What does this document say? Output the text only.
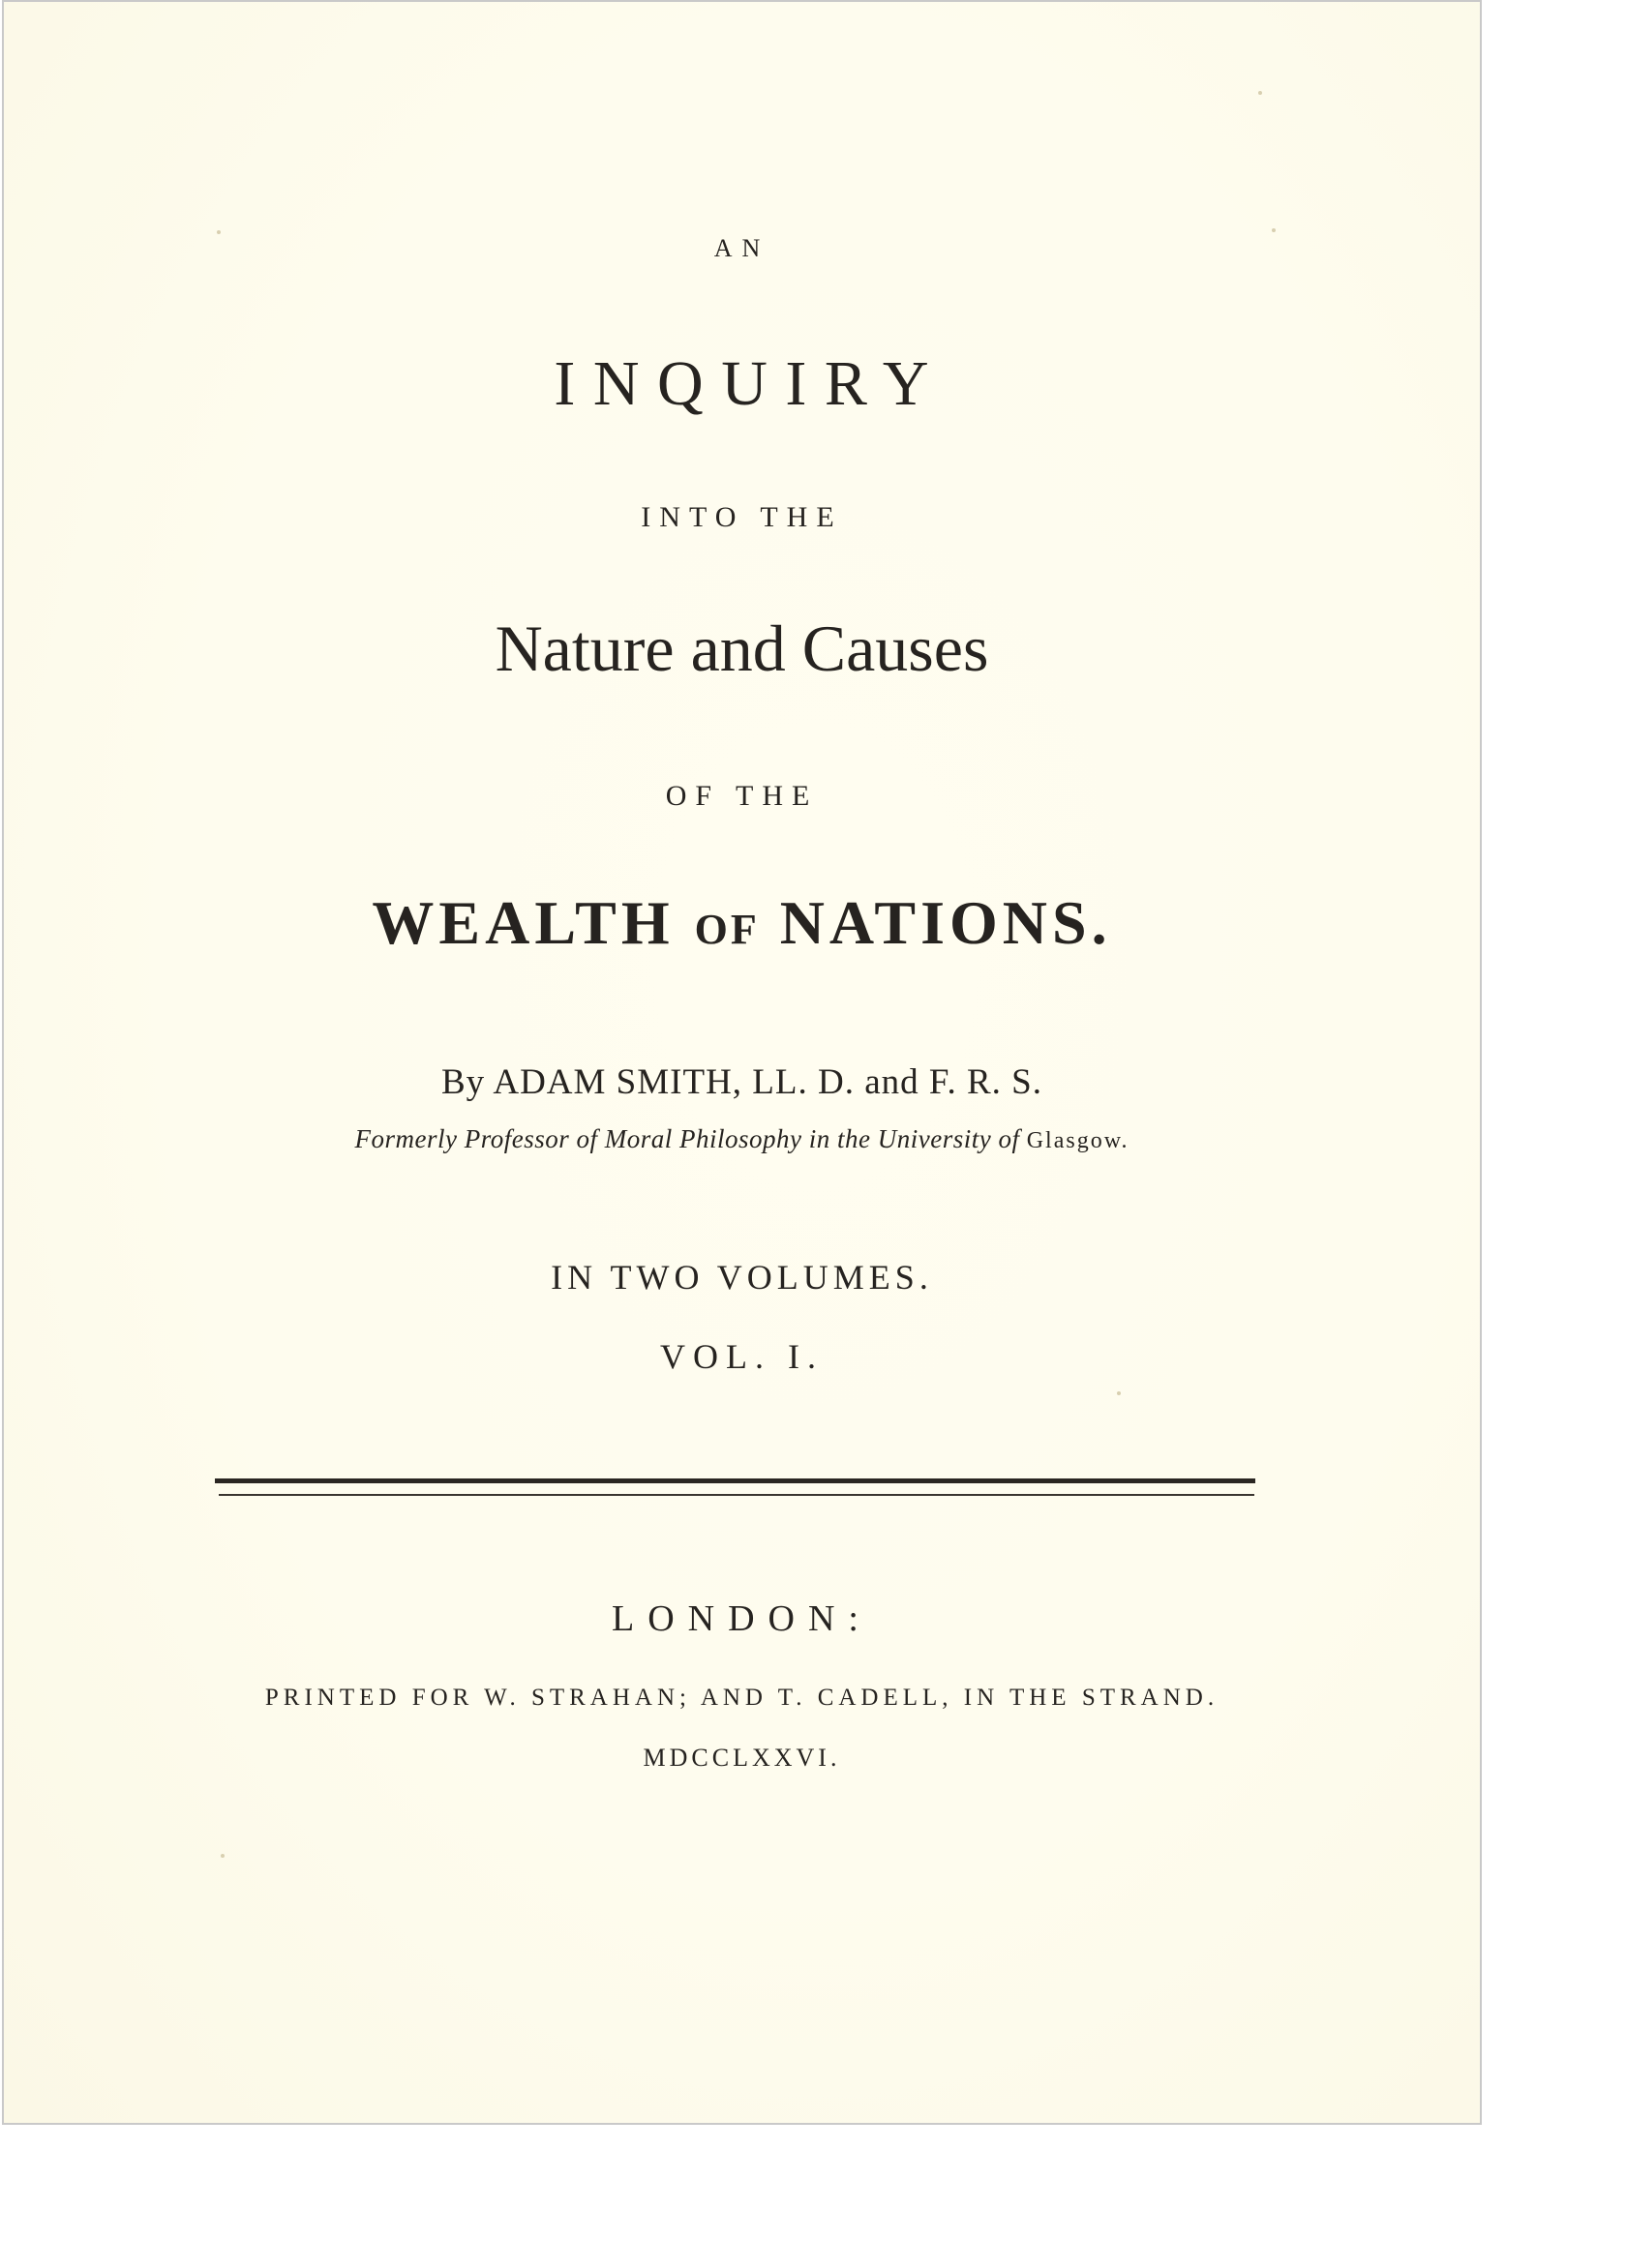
AN
I N Q U I R Y
INTO THE
Nature and Causes
OF THE
WEALTH OF NATIONS.
By ADAM SMITH, LL. D. and F. R. S.
Formerly Professor of Moral Philosophy in the University of Glasgow.
IN TWO VOLUMES.
VOL. I.
LONDON:
PRINTED FOR W. STRAHAN; AND T. CADELL, IN THE STRAND.
MDCCLXXVI.
